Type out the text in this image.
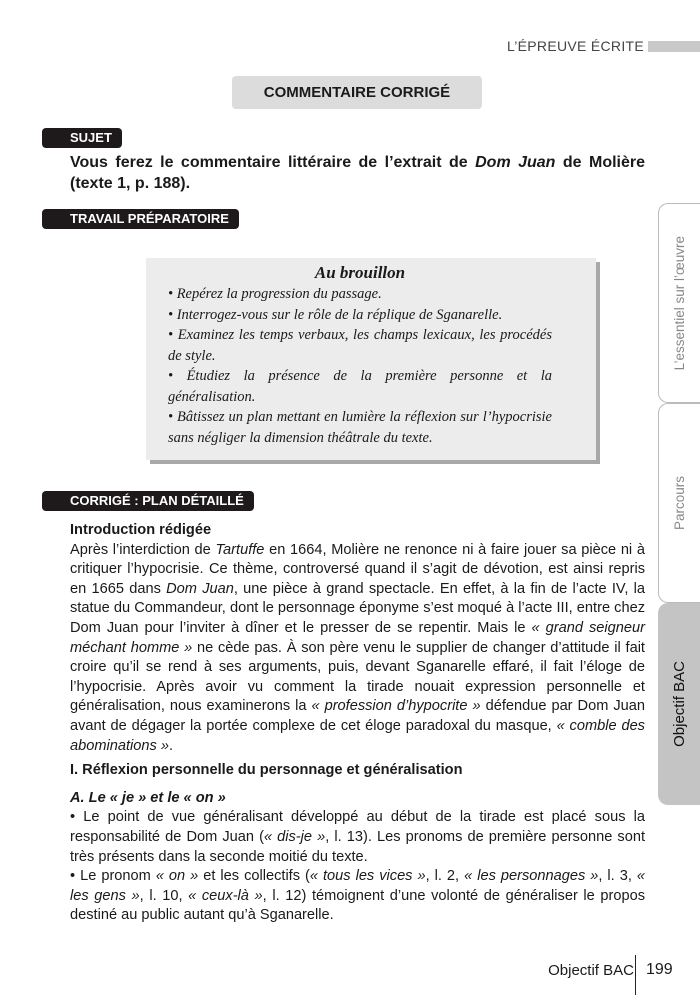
L’ÉPREUVE ÉCRITE
COMMENTAIRE CORRIGÉ
SUJET

Vous ferez le commentaire littéraire de l’extrait de Dom Juan de Molière (texte 1, p. 188).

TRAVAIL PRÉPARATOIRE
Au brouillon

• Repérez la progression du passage.

• Interrogez-vous sur le rôle de la réplique de Sganarelle.

• Examinez les temps verbaux, les champs lexicaux, les procédés de style.

• Étudiez la présence de la première personne et la généralisation.

• Bâtissez un plan mettant en lumière la réflexion sur l’hypocrisie sans négliger la dimension théâtrale du texte.

CORRIGÉ : PLAN DÉTAILLÉ
Introduction rédigée

Après l’interdiction de Tartuffe en 1664, Molière ne renonce ni à faire jouer sa pièce ni à critiquer l’hypocrisie. Ce thème, controversé quand il s’agit de dévotion, est ainsi repris en 1665 dans Dom Juan, une pièce à grand spectacle. En effet, à la fin de l’acte IV, la statue du Commandeur, dont le personnage éponyme s’est moqué à l’acte III, entre chez Dom Juan pour l’inviter à dîner et le presser de se repentir. Mais le « grand seigneur méchant homme » ne cède pas. À son père venu le supplier de changer d’attitude il fait croire qu’il se rend à ses arguments, puis, devant Sganarelle effaré, il fait l’éloge de l’hypocrisie. Après avoir vu comment la tirade nouait expression personnelle et généralisation, nous examinerons la « profession d’hypocrite » défendue par Dom Juan avant de dégager la portée complexe de cet éloge paradoxal du masque, « comble des abominations ».

I. Réflexion personnelle du personnage et généralisation
A. Le « je » et le « on »

• Le point de vue généralisant développé au début de la tirade est placé sous la responsabilité de Dom Juan (« dis-je », l. 13). Les pronoms de première personne sont très présents dans la seconde moitié du texte.

• Le pronom « on » et les collectifs (« tous les vices », l. 2, « les personnages », l. 3, « les gens », l. 10, « ceux-là », l. 12) témoignent d’une volonté de généraliser le propos destiné au public autant qu’à Sganarelle.

L’essentiel sur l’œuvre
Parcours
Objectif BAC
Objectif BAC 199
